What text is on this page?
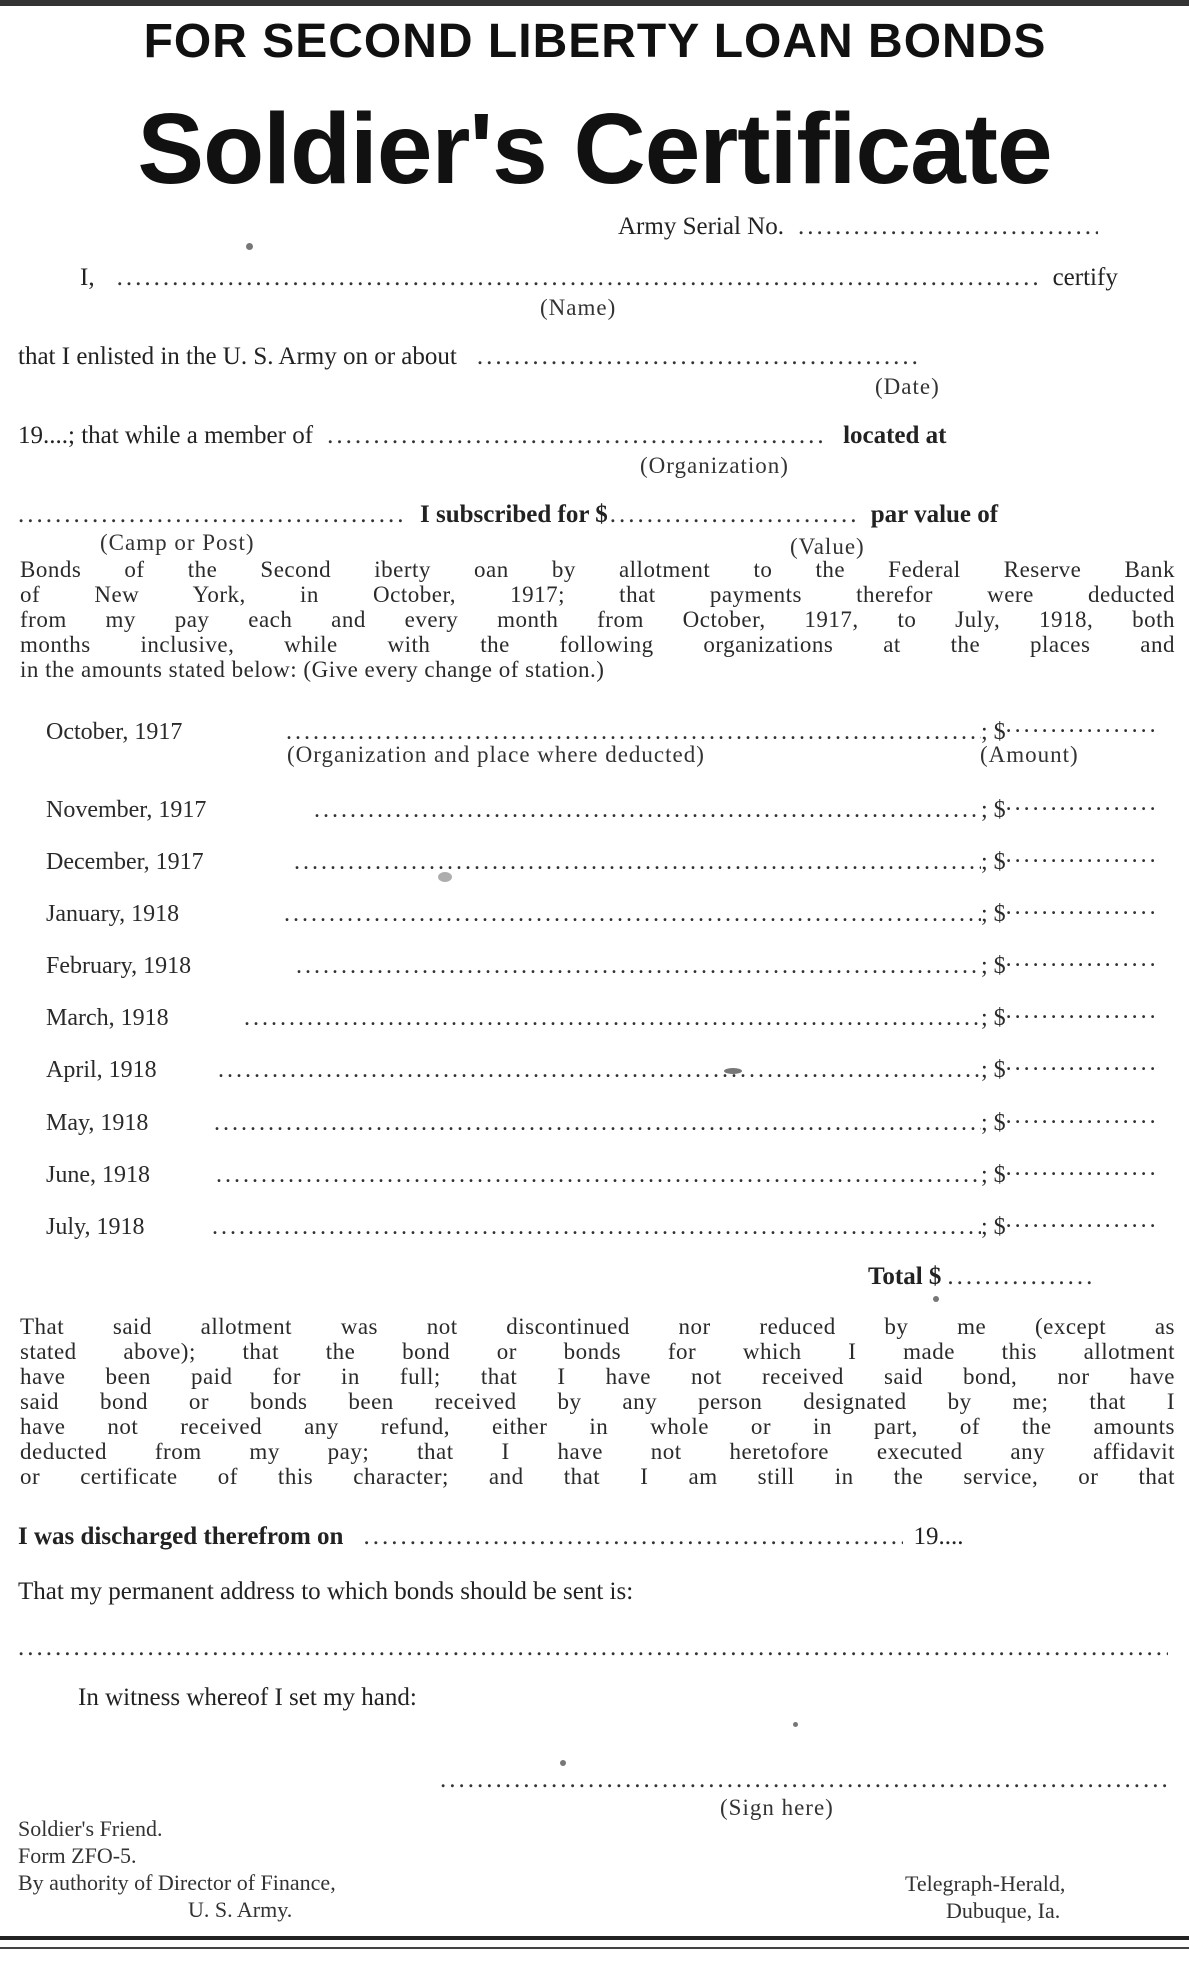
FOR SECOND LIBERTY LOAN BONDS
Soldier's Certificate
Army Serial No.
.....
I, .....	certify
(Name)
that I enlisted in the U. S. Army on or about
.....
(Date)
19....; that while a member of .....	located at
(Organization)
.....
I subscribed for $ .....	par value of
(Camp or Post)	(Value)
Bonds of the Second iberty oan by allotment to the Federal Reserve Bank
of New York, in October, 1917; that payments therefor were deducted
from my pay each and every month from October, 1917, to July, 1918, both
months inclusive, while with the following organizations at the places and
in the amounts stated below: (Give every change of station.)
October, 1917 .....	; $.....
(Organization and place where deducted)	(Amount)
November, 1917 .....	; $.....
December, 1917 .....	; $.....
January, 1918 .....	; $.....
February, 1918 .....	; $.....
March, 1918 .....	; $.....
April, 1918 .....	; $.....
May, 1918 .....	; $.....
June, 1918 .....	; $.....
July, 1918 .....	; $.....
Total $
.....
That said allotment was not discontinued nor reduced by me (except as
stated above); that the bond or bonds for which I made this allotment
have been paid for in full; that I have not received said bond, nor have
said bond or bonds been received by any person designated by me; that I
have not received any refund, either in whole or in part, of the amounts
deducted from my pay; that I have not heretofore executed any affidavit
or certificate of this character; and that I am still in the service, or that
I was discharged therefrom on .....	19....
That my permanent address to which bonds should be sent is:
.....
In witness whereof I set my hand:
.....
(Sign here)
Soldier's Friend.
Form ZFO-5.
By authority of Director of Finance,
U. S. Army.
Telegraph-Herald,
Dubuque, Ia.
